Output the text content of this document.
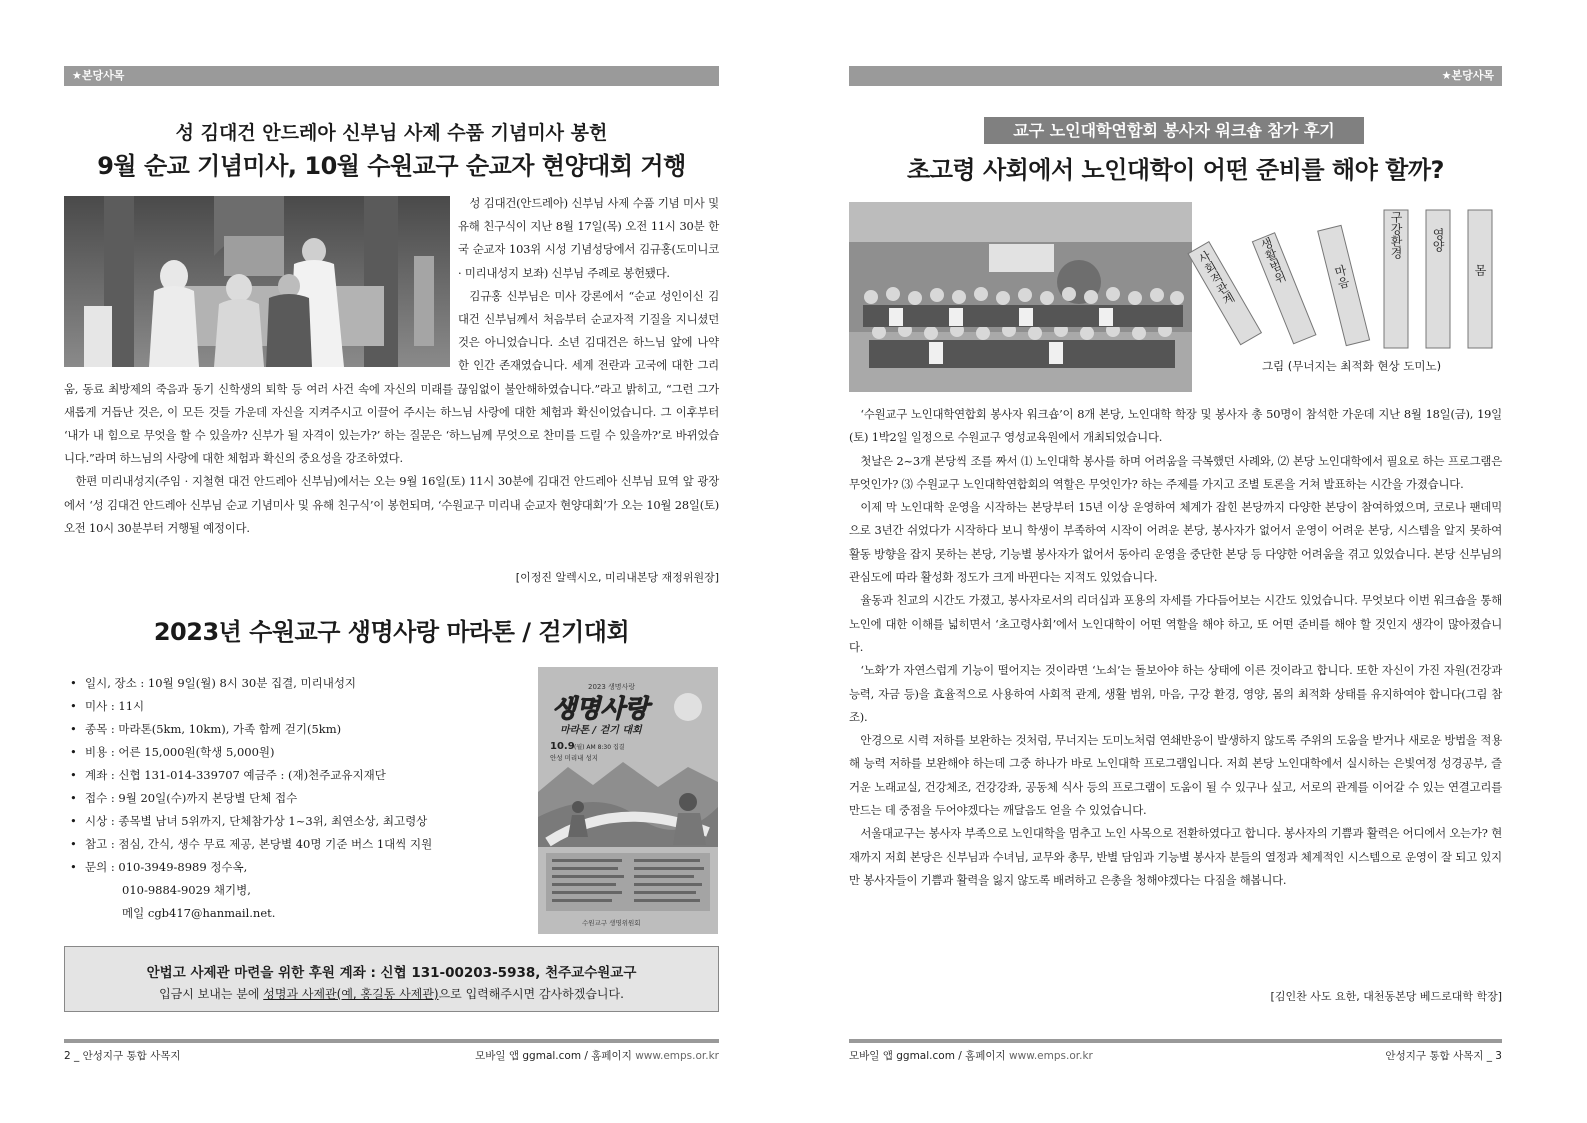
★본당사목
성 김대건 안드레아 신부님 사제 수품 기념미사 봉헌
9월 순교 기념미사, 10월 수원교구 순교자 현양대회 거행

성 김대건(안드레아) 신부님 사제 수품 기념 미사 및 유해 친구식이 지난 8월 17일(목) 오전 11시 30분 한국 순교자 103위 시성 기념성당에서 김규홍(도미니코 · 미리내성지 보좌) 신부님 주례로 봉헌됐다.

김규홍 신부님은 미사 강론에서 “순교 성인이신 김대건 신부님께서 처음부터 순교자적 기질을 지니셨던 것은 아니었습니다. 소년 김대건은 하느님 앞에 나약한 인간 존재였습니다. 세계 전란과 고국에 대한 그리움, 동료 최방제의 죽음과 동기 신학생의 퇴학 등 여러 사건 속에 자신의 미래를 끊임없이 불안해하였습니다.”라고 밝히고, “그런 그가 새롭게 거듭난 것은, 이 모든 것들 가운데 자신을 지켜주시고 이끌어 주시는 하느님 사랑에 대한 체험과 확신이었습니다. 그 이후부터 ‘내가 내 힘으로 무엇을 할 수 있을까? 신부가 될 자격이 있는가?’ 하는 질문은 ‘하느님께 무엇으로 찬미를 드릴 수 있을까?’로 바뀌었습니다.”라며 하느님의 사랑에 대한 체험과 확신의 중요성을 강조하였다.

한편 미리내성지(주임 · 지철현 대건 안드레아 신부님)에서는 오는 9월 16일(토) 11시 30분에 김대건 안드레아 신부님 묘역 앞 광장에서 ‘성 김대건 안드레아 신부님 순교 기념미사 및 유해 친구식’이 봉헌되며, ‘수원교구 미리내 순교자 현양대회’가 오는 10월 28일(토) 오전 10시 30분부터 거행될 예정이다.

[이정진 알렉시오, 미리내본당 재정위원장]
2023년 수원교구 생명사랑 마라톤 / 걷기대회
• 일시, 장소 : 10월 9일(월) 8시 30분 집결, 미리내성지
• 미사 : 11시
• 종목 : 마라톤(5km, 10km), 가족 함께 걷기(5km)
• 비용 : 어른 15,000원(학생 5,000원)
• 계좌 : 신협 131-014-339707 예금주 : (재)천주교유지재단
• 접수 : 9월 20일(수)까지 본당별 단체 접수
• 시상 : 종목별 남녀 5위까지, 단체참가상 1~3위, 최연소상, 최고령상
• 참고 : 점심, 간식, 생수 무료 제공, 본당별 40명 기준 버스 1대씩 지원
• 문의 : 010-3949-8989 정수옥,
010-9884-9029 채기병,
메일 cgb417@hanmail.net.
2023 생명사랑
생명사랑
마라톤 / 걷기 대회
10.9 (월) AM 8:30 집결
안성 미리내 성지
수원교구 생명위원회
안법고 사제관 마련을 위한 후원 계좌 : 신협 131-00203-5938, 천주교수원교구
입금시 보내는 분에 성명과 사제관(예, 홍길동 사제관)으로 입력해주시면 감사하겠습니다.
2 _ 안성지구 통합 사목지	모바일 앱 ggmal.com / 홈페이지 www.emps.or.kr
★본당사목
교구 노인대학연합회 봉사자 워크숍 참가 후기
초고령 사회에서 노인대학이 어떤 준비를 해야 할까?
사회적관계 생활범위	마음
구강환경 영양
몸
그림 (무너지는 최적화 현상 도미노)

‘수원교구 노인대학연합회 봉사자 워크숍’이 8개 본당, 노인대학 학장 및 봉사자 총 50명이 참석한 가운데 지난 8월 18일(금), 19일(토) 1박2일 일정으로 수원교구 영성교육원에서 개최되었습니다.

첫날은 2~3개 본당씩 조를 짜서 ⑴ 노인대학 봉사를 하며 어려움을 극복했던 사례와, ⑵ 본당 노인대학에서 필요로 하는 프로그램은 무엇인가? ⑶ 수원교구 노인대학연합회의 역할은 무엇인가? 하는 주제를 가지고 조별 토론을 거쳐 발표하는 시간을 가졌습니다.

이제 막 노인대학 운영을 시작하는 본당부터 15년 이상 운영하여 체계가 잡힌 본당까지 다양한 본당이 참여하였으며, 코로나 팬데믹으로 3년간 쉬었다가 시작하다 보니 학생이 부족하여 시작이 어려운 본당, 봉사자가 없어서 운영이 어려운 본당, 시스템을 알지 못하여 활동 방향을 잡지 못하는 본당, 기능별 봉사자가 없어서 동아리 운영을 중단한 본당 등 다양한 어려움을 겪고 있었습니다. 본당 신부님의 관심도에 따라 활성화 정도가 크게 바뀐다는 지적도 있었습니다.

율동과 친교의 시간도 가졌고, 봉사자로서의 리더십과 포용의 자세를 가다듬어보는 시간도 있었습니다. 무엇보다 이번 워크숍을 통해 노인에 대한 이해를 넓히면서 ‘초고령사회’에서 노인대학이 어떤 역할을 해야 하고, 또 어떤 준비를 해야 할 것인지 생각이 많아졌습니다.

‘노화’가 자연스럽게 기능이 떨어지는 것이라면 ‘노쇠’는 돌보아야 하는 상태에 이른 것이라고 합니다. 또한 자신이 가진 자원(건강과 능력, 자금 등)을 효율적으로 사용하여 사회적 관계, 생활 범위, 마음, 구강 환경, 영양, 몸의 최적화 상태를 유지하여야 합니다(그림 참조).

안경으로 시력 저하를 보완하는 것처럼, 무너지는 도미노처럼 연쇄반응이 발생하지 않도록 주위의 도움을 받거나 새로운 방법을 적용해 능력 저하를 보완해야 하는데 그중 하나가 바로 노인대학 프로그램입니다. 저희 본당 노인대학에서 실시하는 은빛여정 성경공부, 즐거운 노래교실, 건강체조, 건강강좌, 공동체 식사 등의 프로그램이 도움이 될 수 있구나 싶고, 서로의 관계를 이어갈 수 있는 연결고리를 만드는 데 중점을 두어야겠다는 깨달음도 얻을 수 있었습니다.

서울대교구는 봉사자 부족으로 노인대학을 멈추고 노인 사목으로 전환하였다고 합니다. 봉사자의 기쁨과 활력은 어디에서 오는가? 현재까지 저희 본당은 신부님과 수녀님, 교무와 총무, 반별 담임과 기능별 봉사자 분들의 열정과 체계적인 시스템으로 운영이 잘 되고 있지만 봉사자들이 기쁨과 활력을 잃지 않도록 배려하고 은총을 청해야겠다는 다짐을 해봅니다.

[김인찬 사도 요한, 대천동본당 베드로대학 학장]
모바일 앱 ggmal.com / 홈페이지 www.emps.or.kr	안성지구 통합 사목지 _ 3
